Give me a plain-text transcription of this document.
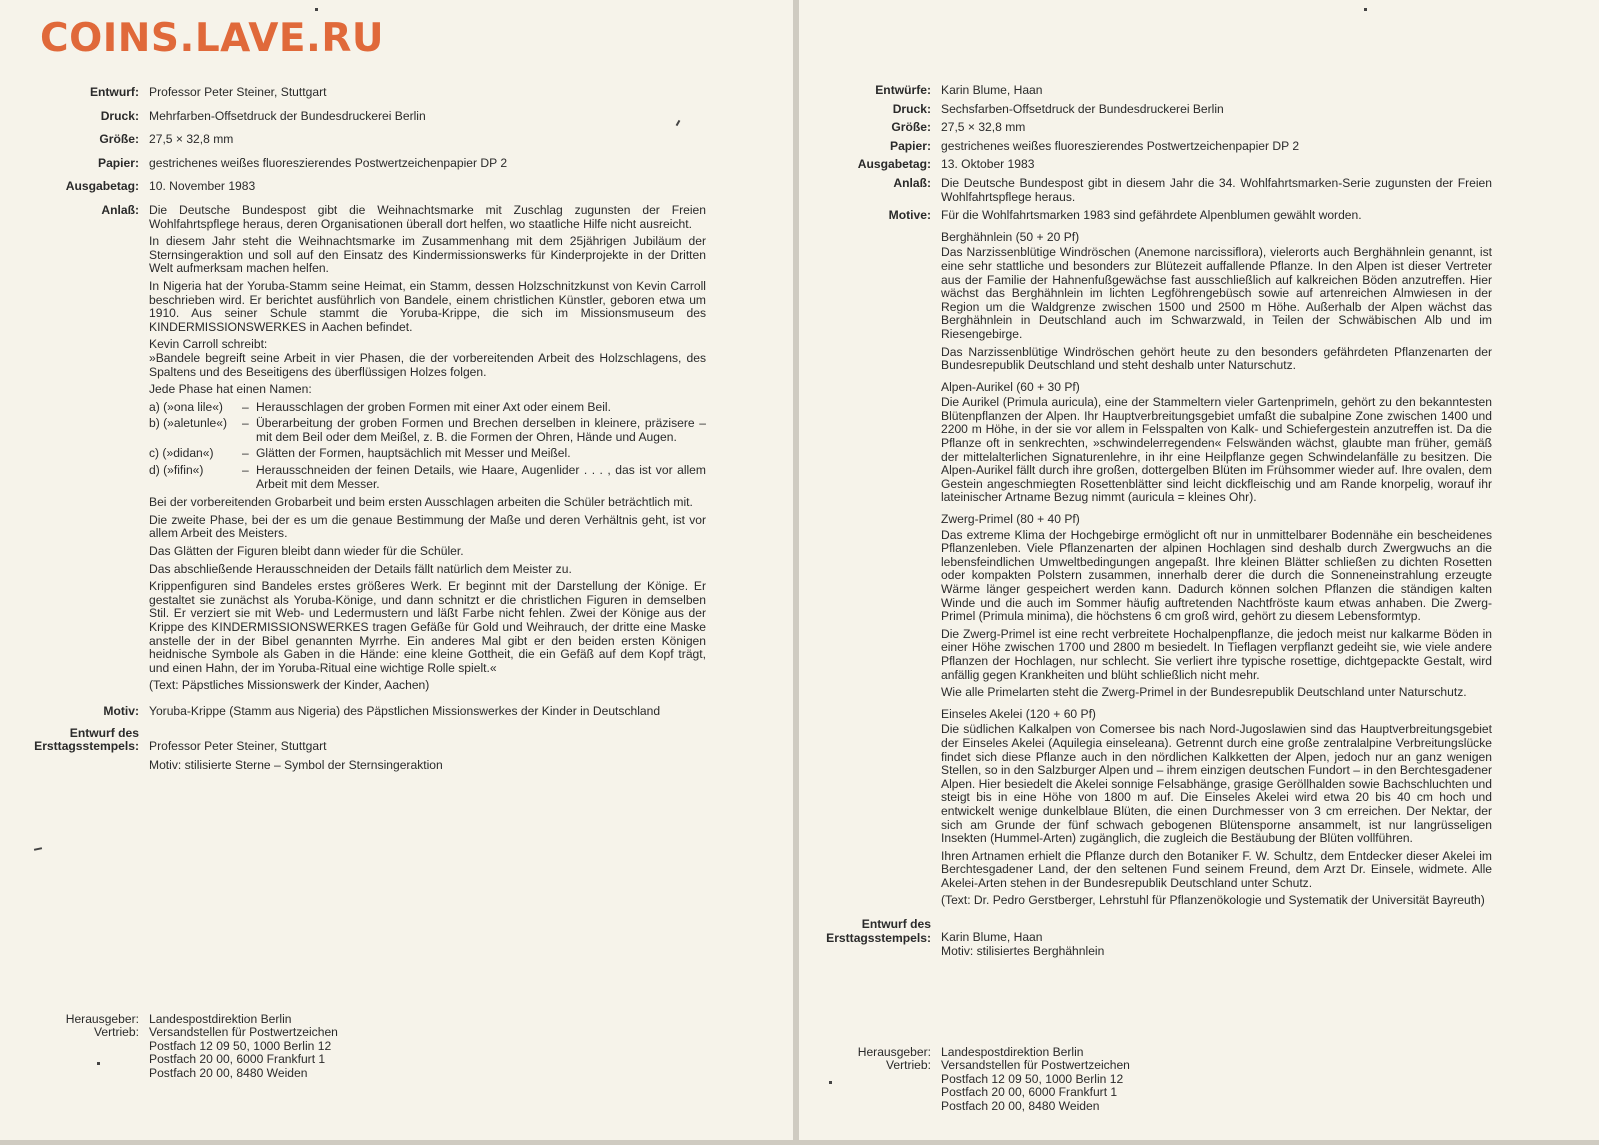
COINS.LAVE.RU
Entwurf: Professor Peter Steiner, Stuttgart
Druck: Mehrfarben-Offsetdruck der Bundesdruckerei Berlin
Größe: 27,5 × 32,8 mm
Papier: gestrichenes weißes fluoreszierendes Postwertzeichenpapier DP 2
Ausgabetag: 10. November 1983
Anlaß: Die Deutsche Bundespost gibt die Weihnachtsmarke mit Zuschlag zugunsten der Freien Wohlfahrtspflege heraus, deren Organisationen überall dort helfen, wo staatliche Hilfe nicht ausreicht.

In diesem Jahr steht die Weihnachtsmarke im Zusammenhang mit dem 25jährigen Jubiläum der Sternsingeraktion und soll auf den Einsatz des Kindermissionswerks für Kinderprojekte in der Dritten Welt aufmerksam machen helfen.

In Nigeria hat der Yoruba-Stamm seine Heimat, ein Stamm, dessen Holzschnitzkunst von Kevin Carroll beschrieben wird. Er berichtet ausführlich von Bandele, einem christlichen Künstler, geboren etwa um 1910. Aus seiner Schule stammt die Yoruba-Krippe, die sich im Missionsmuseum des KINDERMISSIONSWERKES in Aachen befindet.

Kevin Carroll schreibt:

»Bandele begreift seine Arbeit in vier Phasen, die der vorbereitenden Arbeit des Holzschlagens, des Spaltens und des Beseitigens des überflüssigen Holzes folgen.

Jede Phase hat einen Namen:

a) (»ona lile«)	– Herausschlagen der groben Formen mit einer Axt oder einem Beil.
b) (»aletunle«)	– Überarbeitung der groben Formen und Brechen derselben in kleinere, präzisere – mit dem Beil oder dem Meißel, z. B. die Formen der Ohren, Hände und Augen.
c) (»didan«)	– Glätten der Formen, hauptsächlich mit Messer und Meißel.
d) (»fifin«)	– Herausschneiden der feinen Details, wie Haare, Augenlider . . . , das ist vor allem Arbeit mit dem Messer.

Bei der vorbereitenden Grobarbeit und beim ersten Ausschlagen arbeiten die Schüler beträchtlich mit.

Die zweite Phase, bei der es um die genaue Bestimmung der Maße und deren Verhältnis geht, ist vor allem Arbeit des Meisters.

Das Glätten der Figuren bleibt dann wieder für die Schüler.

Das abschließende Herausschneiden der Details fällt natürlich dem Meister zu.

Krippenfiguren sind Bandeles erstes größeres Werk. Er beginnt mit der Darstellung der Könige. Er gestaltet sie zunächst als Yoruba-Könige, und dann schnitzt er die christlichen Figuren in demselben Stil. Er verziert sie mit Web- und Ledermustern und läßt Farbe nicht fehlen. Zwei der Könige aus der Krippe des KINDERMISSIONSWERKES tragen Gefäße für Gold und Weihrauch, der dritte eine Maske anstelle der in der Bibel genannten Myrrhe. Ein anderes Mal gibt er den beiden ersten Königen heidnische Symbole als Gaben in die Hände: eine kleine Gottheit, die ein Gefäß auf dem Kopf trägt, und einen Hahn, der im Yoruba-Ritual eine wichtige Rolle spielt.«

(Text: Päpstliches Missionswerk der Kinder, Aachen)

Motiv: Yoruba-Krippe (Stamm aus Nigeria) des Päpstlichen Missionswerkes der Kinder in Deutschland
Entwurf des
Ersttagsstempels: Professor Peter Steiner, Stuttgart

Motiv: stilisierte Sterne – Symbol der Sternsingeraktion

Herausgeber: Landespostdirektion Berlin
Vertrieb: Versandstellen für Postwertzeichen
Postfach 12 09 50, 1000 Berlin 12
Postfach 20 00, 6000 Frankfurt 1
Postfach 20 00, 8480 Weiden
Entwürfe: Karin Blume, Haan
Druck: Sechsfarben-Offsetdruck der Bundesdruckerei Berlin
Größe: 27,5 × 32,8 mm
Papier: gestrichenes weißes fluoreszierendes Postwertzeichenpapier DP 2
Ausgabetag: 13. Oktober 1983
Anlaß: Die Deutsche Bundespost gibt in diesem Jahr die 34. Wohlfahrtsmarken-Serie zugunsten der Freien Wohlfahrtspflege heraus.
Motive: Für die Wohlfahrtsmarken 1983 sind gefährdete Alpenblumen gewählt worden.

Berghähnlein (50 + 20 Pf)

Das Narzissenblütige Windröschen (Anemone narcissiflora), vielerorts auch Berghähnlein genannt, ist eine sehr stattliche und besonders zur Blütezeit auffallende Pflanze. In den Alpen ist dieser Vertreter aus der Familie der Hahnenfußgewächse fast ausschließlich auf kalkreichen Böden anzutreffen. Hier wächst das Berghähnlein im lichten Legföhrengebüsch sowie auf artenreichen Almwiesen in der Region um die Waldgrenze zwischen 1500 und 2500 m Höhe. Außerhalb der Alpen wächst das Berghähnlein in Deutschland auch im Schwarzwald, in Teilen der Schwäbischen Alb und im Riesengebirge.

Das Narzissenblütige Windröschen gehört heute zu den besonders gefährdeten Pflanzenarten der Bundesrepublik Deutschland und steht deshalb unter Naturschutz.

Alpen-Aurikel (60 + 30 Pf)

Die Aurikel (Primula auricula), eine der Stammeltern vieler Gartenprimeln, gehört zu den bekanntesten Blütenpflanzen der Alpen. Ihr Hauptverbreitungsgebiet umfaßt die subalpine Zone zwischen 1400 und 2200 m Höhe, in der sie vor allem in Felsspalten von Kalk- und Schiefergestein anzutreffen ist. Da die Pflanze oft in senkrechten, »schwindelerregenden« Felswänden wächst, glaubte man früher, gemäß der mittelalterlichen Signaturenlehre, in ihr eine Heilpflanze gegen Schwindelanfälle zu besitzen. Die Alpen-Aurikel fällt durch ihre großen, dottergelben Blüten im Frühsommer wieder auf. Ihre ovalen, dem Gestein angeschmiegten Rosettenblätter sind leicht dickfleischig und am Rande knorpelig, worauf ihr lateinischer Artname Bezug nimmt (auricula = kleines Ohr).

Zwerg-Primel (80 + 40 Pf)

Das extreme Klima der Hochgebirge ermöglicht oft nur in unmittelbarer Bodennähe ein bescheidenes Pflanzenleben. Viele Pflanzenarten der alpinen Hochlagen sind deshalb durch Zwergwuchs an die lebensfeindlichen Umweltbedingungen angepaßt. Ihre kleinen Blätter schließen zu dichten Rosetten oder kompakten Polstern zusammen, innerhalb derer die durch die Sonneneinstrahlung erzeugte Wärme länger gespeichert werden kann. Dadurch können solchen Pflanzen die ständigen kalten Winde und die auch im Sommer häufig auftretenden Nachtfröste kaum etwas anhaben. Die Zwerg-Primel (Primula minima), die höchstens 6 cm groß wird, gehört zu diesem Lebensformtyp.

Die Zwerg-Primel ist eine recht verbreitete Hochalpenpflanze, die jedoch meist nur kalkarme Böden in einer Höhe zwischen 1700 und 2800 m besiedelt. In Tieflagen verpflanzt gedeiht sie, wie viele andere Pflanzen der Hochlagen, nur schlecht. Sie verliert ihre typische rosettige, dichtgepackte Gestalt, wird anfällig gegen Krankheiten und blüht schließlich nicht mehr.

Wie alle Primelarten steht die Zwerg-Primel in der Bundesrepublik Deutschland unter Naturschutz.

Einseles Akelei (120 + 60 Pf)

Die südlichen Kalkalpen von Comersee bis nach Nord-Jugoslawien sind das Hauptverbreitungsgebiet der Einseles Akelei (Aquilegia einseleana). Getrennt durch eine große zentralalpine Verbreitungslücke findet sich diese Pflanze auch in den nördlichen Kalkketten der Alpen, jedoch nur an ganz wenigen Stellen, so in den Salzburger Alpen und – ihrem einzigen deutschen Fundort – in den Berchtesgadener Alpen. Hier besiedelt die Akelei sonnige Felsabhänge, grasige Geröllhalden sowie Bachschluchten und steigt bis in eine Höhe von 1800 m auf. Die Einseles Akelei wird etwa 20 bis 40 cm hoch und entwickelt wenige dunkelblaue Blüten, die einen Durchmesser von 3 cm erreichen. Der Nektar, der sich am Grunde der fünf schwach gebogenen Blütensporne ansammelt, ist nur langrüsseligen Insekten (Hummel-Arten) zugänglich, die zugleich die Bestäubung der Blüten vollführen.

Ihren Artnamen erhielt die Pflanze durch den Botaniker F. W. Schultz, dem Entdecker dieser Akelei im Berchtesgadener Land, der den seltenen Fund seinem Freund, dem Arzt Dr. Einsele, widmete. Alle Akelei-Arten stehen in der Bundesrepublik Deutschland unter Schutz.

(Text: Dr. Pedro Gerstberger, Lehrstuhl für Pflanzenökologie und Systematik der Universität Bayreuth)

Entwurf des
Ersttagsstempels: Karin Blume, Haan
Motiv: stilisiertes Berghähnlein
Herausgeber: Landespostdirektion Berlin
Vertrieb: Versandstellen für Postwertzeichen
Postfach 12 09 50, 1000 Berlin 12
Postfach 20 00, 6000 Frankfurt 1
Postfach 20 00, 8480 Weiden
